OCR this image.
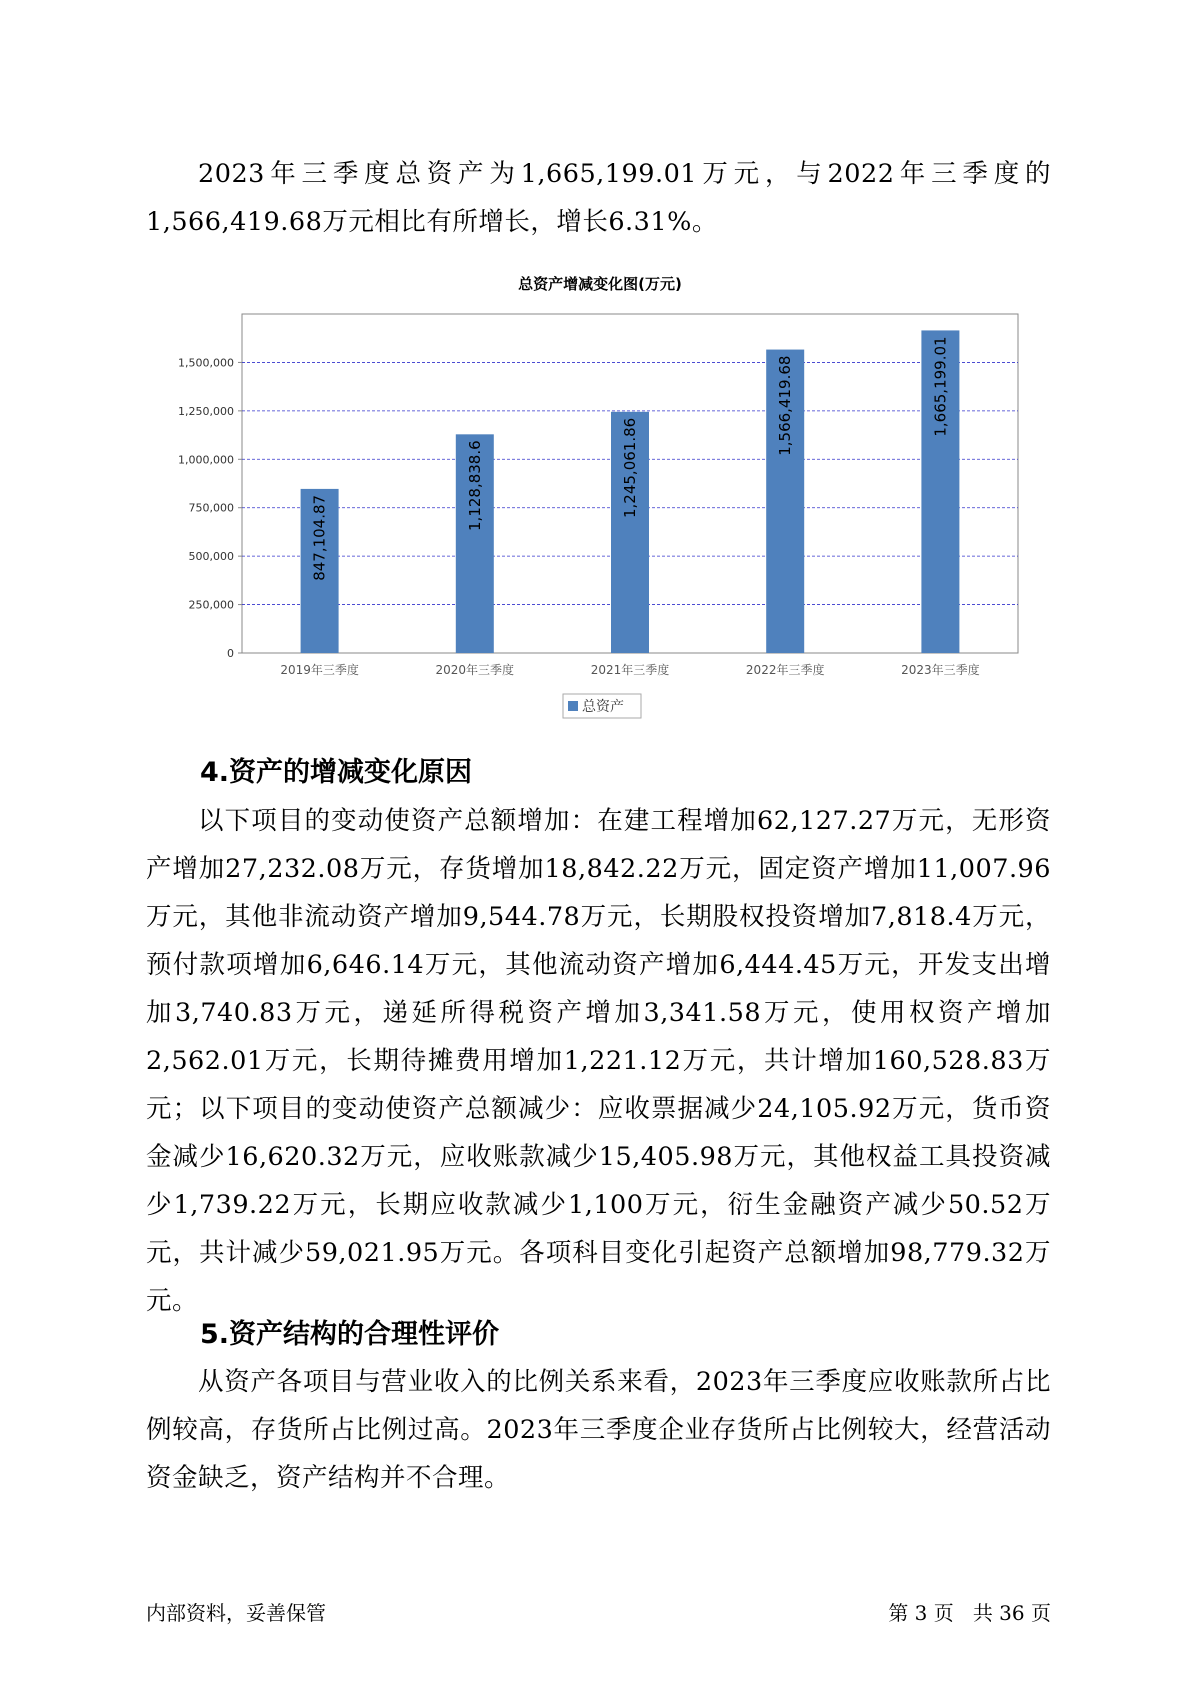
2023年三季度总资产为1,665,199.01万元，与2022年三季度的1,566,419.68万元相比有所增长，增长6.31%。

总资产增减变化图(万元)
0
250,000
500,000
750,000
1,000,000
1,250,000
1,500,000
847,104.87
1,128,838.6	1,245,061.86
1,566,419.68	1,665,199.01
2019年三季度	2020年三季度	2021年三季度	2022年三季度	2023年三季度
总资产
4.资产的增减变化原因

以下项目的变动使资产总额增加：在建工程增加62,127.27万元，无形资产增加27,232.08万元，存货增加18,842.22万元，固定资产增加11,007.96万元，其他非流动资产增加9,544.78万元，长期股权投资增加7,818.4万元，预付款项增加6,646.14万元，其他流动资产增加6,444.45万元，开发支出增加3,740.83万元，递延所得税资产增加3,341.58万元，使用权资产增加2,562.01万元，长期待摊费用增加1,221.12万元，共计增加160,528.83万元；以下项目的变动使资产总额减少：应收票据减少24,105.92万元，货币资金减少16,620.32万元，应收账款减少15,405.98万元，其他权益工具投资减少1,739.22万元，长期应收款减少1,100万元，衍生金融资产减少50.52万元，共计减少59,021.95万元。各项科目变化引起资产总额增加98,779.32万元。

5.资产结构的合理性评价

从资产各项目与营业收入的比例关系来看，2023年三季度应收账款所占比例较高，存货所占比例过高。2023年三季度企业存货所占比例较大，经营活动资金缺乏，资产结构并不合理。

内部资料，妥善保管	第 3 页   共 36 页
